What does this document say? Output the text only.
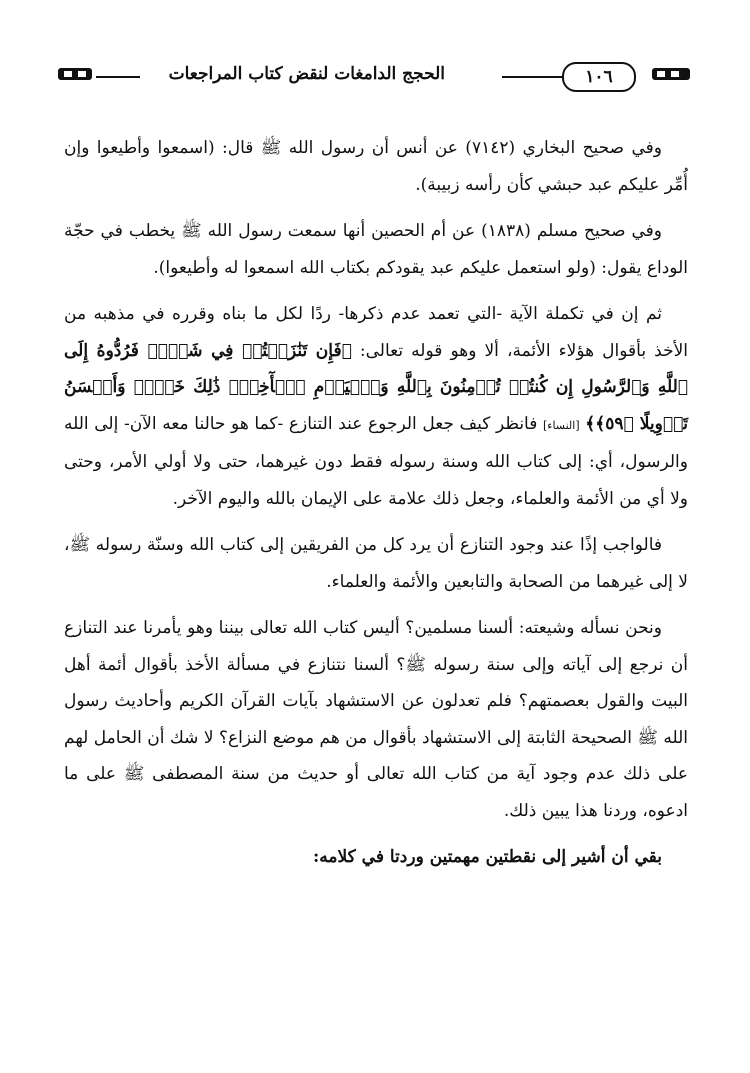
١٠٦
الحجج الدامغات لنقض كتاب المراجعات

وفي صحيح البخاري (٧١٤٢) عن أنس أن رسول الله ﷺ قال: (اسمعوا وأطيعوا وإن أُمِّر عليكم عبد حبشي كأن رأسه زبيبة).

وفي صحيح مسلم (١٨٣٨) عن أم الحصين أنها سمعت رسول الله ﷺ يخطب في حجّة الوداع يقول: (ولو استعمل عليكم عبد يقودكم بكتاب الله اسمعوا له وأطيعوا).

ثم إن في تكملة الآية -التي تعمد عدم ذكرها- ردًا لكل ما بناه وقرره في مذهبه من الأخذ بأقوال هؤلاء الأئمة، ألا وهو قوله تعالى: ﴿فَإِن تَنَٰزَعۡتُمۡ فِي شَيۡءٖ فَرُدُّوهُ إِلَى ٱللَّهِ وَٱلرَّسُولِ إِن كُنتُمۡ تُؤۡمِنُونَ بِٱللَّهِ وَٱلۡيَوۡمِ ٱلۡأٓخِرِۚ ذَٰلِكَ خَيۡرٞ وَأَحۡسَنُ تَأۡوِيلًا ﴿٥٩﴾﴾ [النساء] فانظر كيف جعل الرجوع عند التنازع -كما هو حالنا معه الآن- إلى الله والرسول، أي: إلى كتاب الله وسنة رسوله فقط دون غيرهما، حتى ولا أولي الأمر، وحتى ولا أي من الأئمة والعلماء، وجعل ذلك علامة على الإيمان بالله واليوم الآخر.

فالواجب إذًا عند وجود التنازع أن يرد كل من الفريقين إلى كتاب الله وسنّة رسوله ﷺ، لا إلى غيرهما من الصحابة والتابعين والأئمة والعلماء.

ونحن نسأله وشيعته: ألسنا مسلمين؟ أليس كتاب الله تعالى بيننا وهو يأمرنا عند التنازع أن نرجع إلى آياته وإلى سنة رسوله ﷺ؟ ألسنا نتنازع في مسألة الأخذ بأقوال أئمة أهل البيت والقول بعصمتهم؟ فلم تعدلون عن الاستشهاد بآيات القرآن الكريم وأحاديث رسول الله ﷺ الصحيحة الثابتة إلى الاستشهاد بأقوال من هم موضع النزاع؟ لا شك أن الحامل لهم على ذلك عدم وجود آية من كتاب الله تعالى أو حديث من سنة المصطفى ﷺ على ما ادعوه، وردنا هذا يبين ذلك.

بقي أن أشير إلى نقطتين مهمتين وردتا في كلامه:
